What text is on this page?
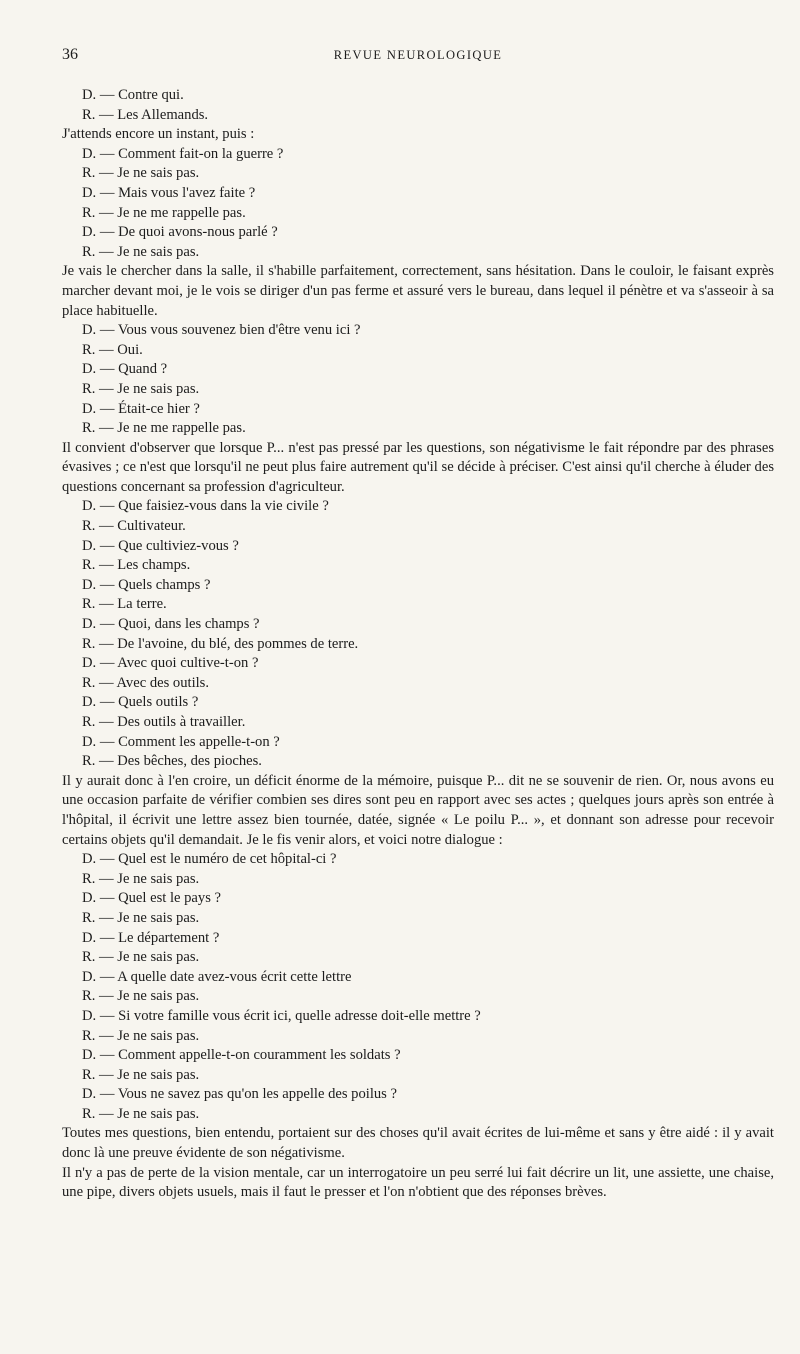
36	REVUE NEUROLOGIQUE
D. — Contre qui.
R. — Les Allemands.
J'attends encore un instant, puis :
D. — Comment fait-on la guerre ?
R. — Je ne sais pas.
D. — Mais vous l'avez faite ?
R. — Je ne me rappelle pas.
D. — De quoi avons-nous parlé ?
R. — Je ne sais pas.
Je vais le chercher dans la salle, il s'habille parfaitement, correctement, sans hésitation. Dans le couloir, le faisant exprès marcher devant moi, je le vois se diriger d'un pas ferme et assuré vers le bureau, dans lequel il pénètre et va s'asseoir à sa place habituelle.
D. — Vous vous souvenez bien d'être venu ici ?
R. — Oui.
D. — Quand ?
R. — Je ne sais pas.
D. — Était-ce hier ?
R. — Je ne me rappelle pas.
Il convient d'observer que lorsque P... n'est pas pressé par les questions, son négativisme le fait répondre par des phrases évasives ; ce n'est que lorsqu'il ne peut plus faire autrement qu'il se décide à préciser. C'est ainsi qu'il cherche à éluder des questions concernant sa profession d'agriculteur.
D. — Que faisiez-vous dans la vie civile ?
R. — Cultivateur.
D. — Que cultiviez-vous ?
R. — Les champs.
D. — Quels champs ?
R. — La terre.
D. — Quoi, dans les champs ?
R. — De l'avoine, du blé, des pommes de terre.
D. — Avec quoi cultive-t-on ?
R. — Avec des outils.
D. — Quels outils ?
R. — Des outils à travailler.
D. — Comment les appelle-t-on ?
R. — Des bêches, des pioches.
Il y aurait donc à l'en croire, un déficit énorme de la mémoire, puisque P... dit ne se souvenir de rien. Or, nous avons eu une occasion parfaite de vérifier combien ses dires sont peu en rapport avec ses actes ; quelques jours après son entrée à l'hôpital, il écrivit une lettre assez bien tournée, datée, signée « Le poilu P... », et donnant son adresse pour recevoir certains objets qu'il demandait. Je le fis venir alors, et voici notre dialogue :
D. — Quel est le numéro de cet hôpital-ci ?
R. — Je ne sais pas.
D. — Quel est le pays ?
R. — Je ne sais pas.
D. — Le département ?
R. — Je ne sais pas.
D. — A quelle date avez-vous écrit cette lettre
R. — Je ne sais pas.
D. — Si votre famille vous écrit ici, quelle adresse doit-elle mettre ?
R. — Je ne sais pas.
D. — Comment appelle-t-on couramment les soldats ?
R. — Je ne sais pas.
D. — Vous ne savez pas qu'on les appelle des poilus ?
R. — Je ne sais pas.
Toutes mes questions, bien entendu, portaient sur des choses qu'il avait écrites de lui-même et sans y être aidé : il y avait donc là une preuve évidente de son négativisme.
Il n'y a pas de perte de la vision mentale, car un interrogatoire un peu serré lui fait décrire un lit, une assiette, une chaise, une pipe, divers objets usuels, mais il faut le presser et l'on n'obtient que des réponses brèves.
